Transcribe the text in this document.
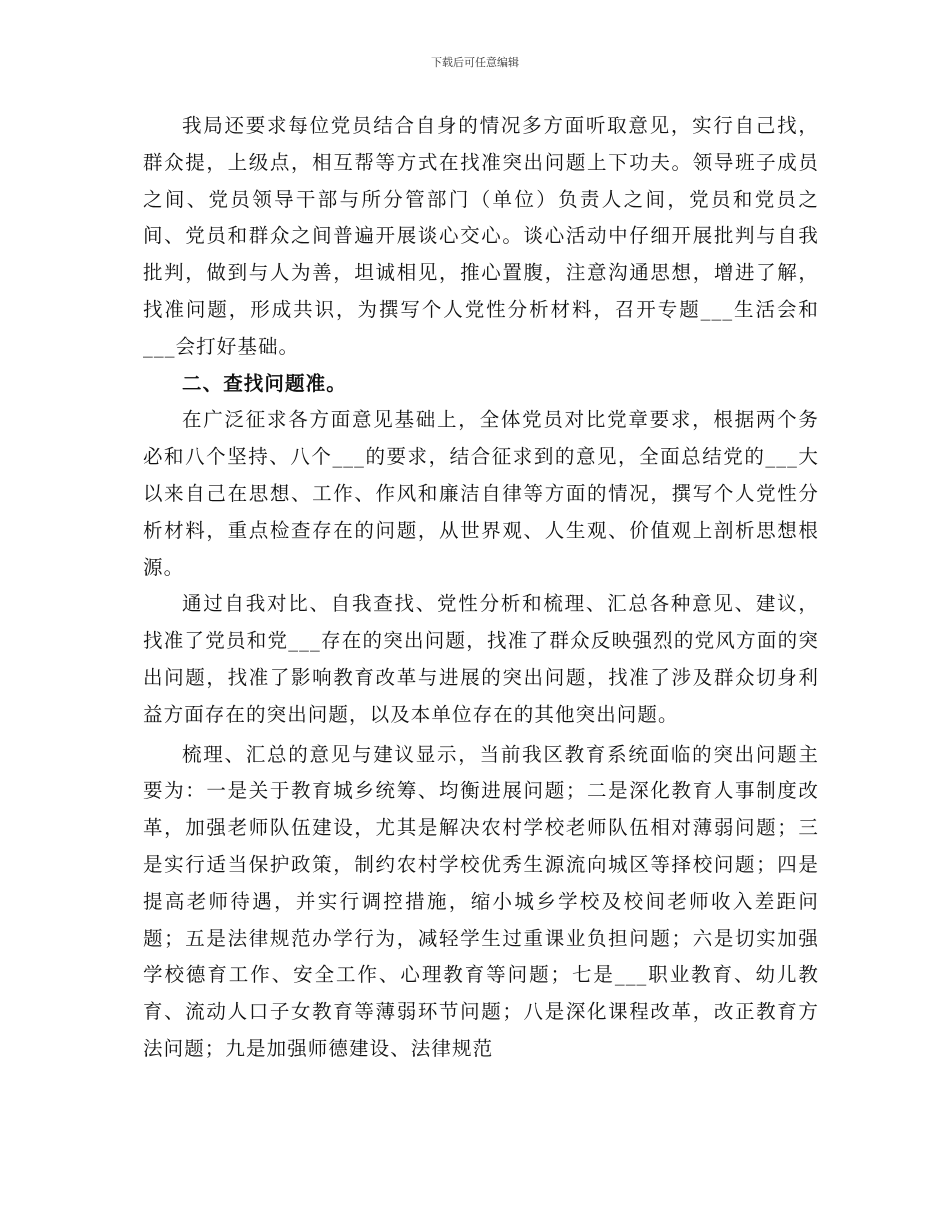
下载后可任意编辑

我局还要求每位党员结合自身的情况多方面听取意见，实行自己找，群众提，上级点，相互帮等方式在找准突出问题上下功夫。领导班子成员之间、党员领导干部与所分管部门（单位）负责人之间，党员和党员之间、党员和群众之间普遍开展谈心交心。谈心活动中仔细开展批判与自我批判，做到与人为善，坦诚相见，推心置腹，注意沟通思想，增进了解，找准问题，形成共识，为撰写个人党性分析材料，召开专题___生活会和___会打好基础。

二、查找问题准。

在广泛征求各方面意见基础上，全体党员对比党章要求，根据两个务必和八个坚持、八个___的要求，结合征求到的意见，全面总结党的___大以来自己在思想、工作、作风和廉洁自律等方面的情况，撰写个人党性分析材料，重点检查存在的问题，从世界观、人生观、价值观上剖析思想根源。

通过自我对比、自我查找、党性分析和梳理、汇总各种意见、建议，找准了党员和党___存在的突出问题，找准了群众反映强烈的党风方面的突出问题，找准了影响教育改革与进展的突出问题，找准了涉及群众切身利益方面存在的突出问题，以及本单位存在的其他突出问题。

梳理、汇总的意见与建议显示，当前我区教育系统面临的突出问题主要为：一是关于教育城乡统筹、均衡进展问题；二是深化教育人事制度改革，加强老师队伍建设，尤其是解决农村学校老师队伍相对薄弱问题；三是实行适当保护政策，制约农村学校优秀生源流向城区等择校问题；四是提高老师待遇，并实行调控措施，缩小城乡学校及校间老师收入差距问题；五是法律规范办学行为，减轻学生过重课业负担问题；六是切实加强学校德育工作、安全工作、心理教育等问题；七是___职业教育、幼儿教育、流动人口子女教育等薄弱环节问题；八是深化课程改革，改正教育方法问题；九是加强师德建设、法律规范
